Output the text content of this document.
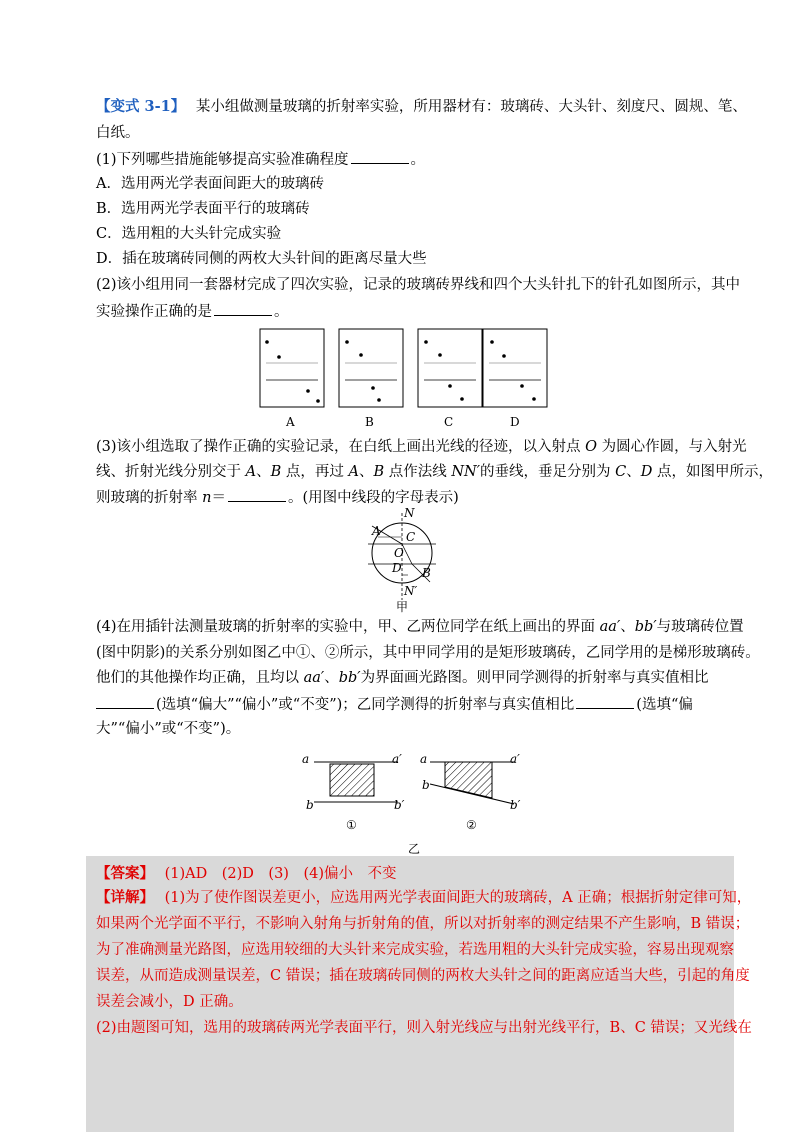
【变式 3-1】 某小组做测量玻璃的折射率实验，所用器材有：玻璃砖、大头针、刻度尺、圆规、笔、
白纸。
(1)下列哪些措施能够提高实验准确程度	。
A．选用两光学表面间距大的玻璃砖
B．选用两光学表面平行的玻璃砖
C．选用粗的大头针完成实验
D．插在玻璃砖同侧的两枚大头针间的距离尽量大些
(2)该小组用同一套器材完成了四次实验，记录的玻璃砖界线和四个大头针扎下的针孔如图所示，其中
实验操作正确的是	。
A	B	C	D
(3)该小组选取了操作正确的实验记录，在白纸上画出光线的径迹，以入射点 O 为圆心作圆，与入射光
线、折射光线分别交于 A、B 点，再过 A、B 点作法线 NN′的垂线，垂足分别为 C、D 点，如图甲所示，
则玻璃的折射率 n＝	。(用图中线段的字母表示)
N
A C
O
D B
N′
甲
(4)在用插针法测量玻璃的折射率的实验中，甲、乙两位同学在纸上画出的界面 aa′、bb′与玻璃砖位置
(图中阴影)的关系分别如图乙中①、②所示，其中甲同学用的是矩形玻璃砖，乙同学用的是梯形玻璃砖。
他们的其他操作均正确，且均以 aa′、bb′为界面画光路图。则甲同学测得的折射率与真实值相比
(选填“偏大”“偏小”或“不变”)；乙同学测得的折射率与真实值相比	(选填“偏
大”“偏小”或“不变”)。
a	a′
b	b′
a	a′
b
b′
①	②
乙
【答案】 (1)AD　(2)D　(3)　(4)偏小　不变
【详解】 (1)为了使作图误差更小，应选用两光学表面间距大的玻璃砖，A 正确；根据折射定律可知，
如果两个光学面不平行，不影响入射角与折射角的值，所以对折射率的测定结果不产生影响，B 错误；
为了准确测量光路图，应选用较细的大头针来完成实验，若选用粗的大头针完成实验，容易出现观察
误差，从而造成测量误差，C 错误；插在玻璃砖同侧的两枚大头针之间的距离应适当大些，引起的角度
误差会减小，D 正确。
(2)由题图可知，选用的玻璃砖两光学表面平行，则入射光线应与出射光线平行，B、C 错误；又光线在
